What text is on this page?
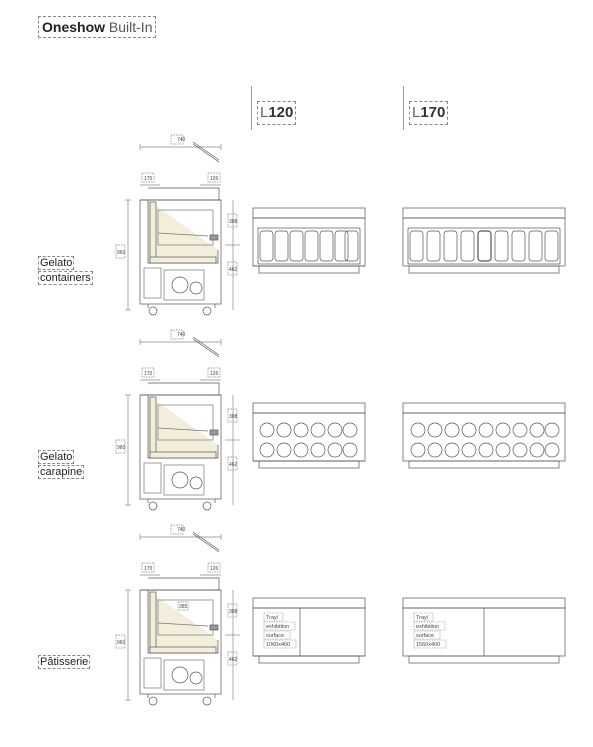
Oneshow Built-In
L120	L170
Gelato
containers
Gelato
carapine
Pâtisserie
740
170	126
960
308
462
740
170	126
960
308
462
740
170	126
960
308
462
385
Tray/
exhibition
surface
1060x400
Tray/
exhibition
surface
1560x400
